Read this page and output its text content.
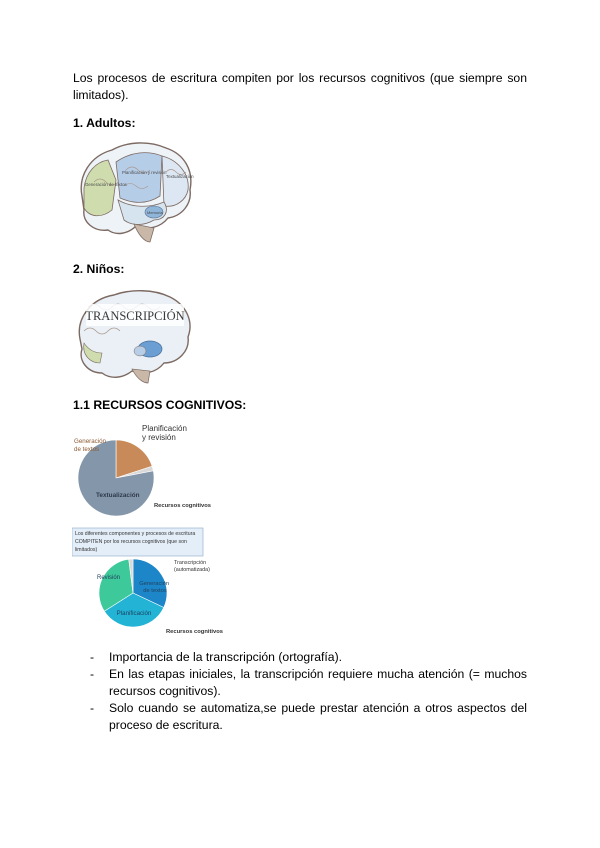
Los procesos de escritura compiten por los recursos cognitivos (que siempre son limitados).

1. Adultos:
Generación de textos
Planificación y revisión
Textualización
Memoria
2. Niños:
TRANSCRIPCIÓN
1.1 RECURSOS COGNITIVOS:
Planificación y revisión
Generación de textos
Textualización
Recursos cognitivos
Los diferentes componentes y procesos de escritura COMPITEN por los recursos cognitivos (que son limitados)
Transcripción (automatizada)
Generación de textos
Revisión
Planificación
Recursos cognitivos
- Importancia de la transcripción (ortografía).
- En las etapas iniciales, la transcripción requiere mucha atención (= muchos recursos cognitivos).
- Solo cuando se automatiza,se puede prestar atención a otros aspectos del proceso de escritura.
